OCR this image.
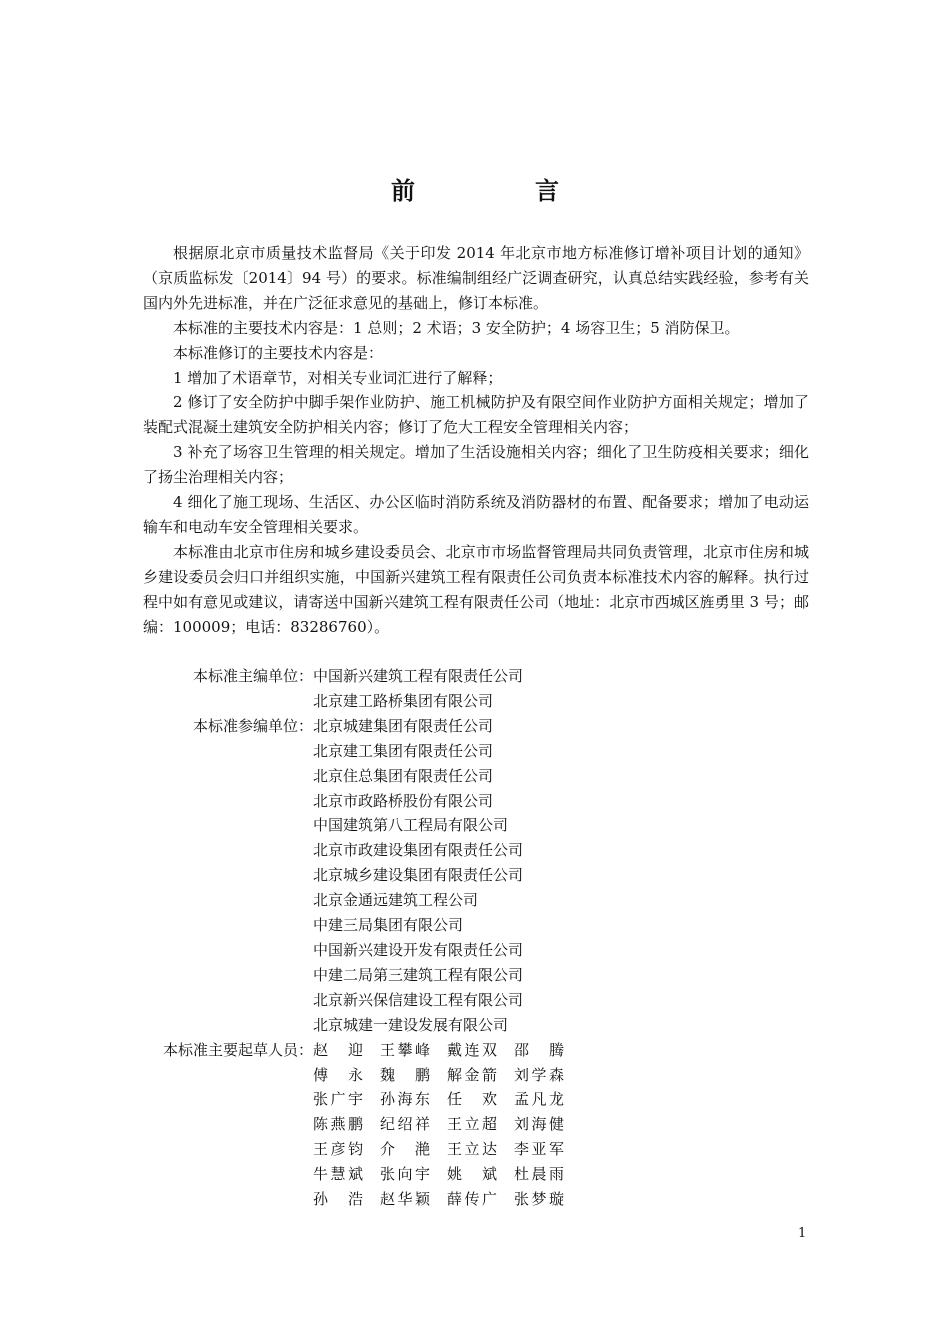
前　言

根据原北京市质量技术监督局《关于印发 2014 年北京市地方标准修订增补项目计划的通知》（京质监标发〔2014〕94 号）的要求。标准编制组经广泛调查研究，认真总结实践经验，参考有关国内外先进标准，并在广泛征求意见的基础上，修订本标准。

本标准的主要技术内容是：1 总则；2 术语；3 安全防护；4 场容卫生；5 消防保卫。

本标准修订的主要技术内容是：

1 增加了术语章节，对相关专业词汇进行了解释；

2 修订了安全防护中脚手架作业防护、施工机械防护及有限空间作业防护方面相关规定；增加了装配式混凝土建筑安全防护相关内容；修订了危大工程安全管理相关内容；

3 补充了场容卫生管理的相关规定。增加了生活设施相关内容；细化了卫生防疫相关要求；细化了扬尘治理相关内容；

4 细化了施工现场、生活区、办公区临时消防系统及消防器材的布置、配备要求；增加了电动运输车和电动车安全管理相关要求。

本标准由北京市住房和城乡建设委员会、北京市市场监督管理局共同负责管理，北京市住房和城乡建设委员会归口并组织实施，中国新兴建筑工程有限责任公司负责本标准技术内容的解释。执行过程中如有意见或建议，请寄送中国新兴建筑工程有限责任公司（地址：北京市西城区旌勇里 3 号；邮编：100009；电话：83286760）。

本标准主编单位： 中国新兴建筑工程有限责任公司
北京建工路桥集团有限公司
本标准参编单位： 北京城建集团有限责任公司
北京建工集团有限责任公司
北京住总集团有限责任公司
北京市政路桥股份有限公司
中国建筑第八工程局有限公司
北京市政建设集团有限责任公司
北京城乡建设集团有限责任公司
北京金通远建筑工程公司
中建三局集团有限公司
中国新兴建设开发有限责任公司
中建二局第三建筑工程有限公司
北京新兴保信建设工程有限公司
北京城建一建设发展有限公司
本标准主要起草人员： 赵迎 王攀峰 戴连双 邵腾
傅永 魏鹏 解金箭 刘学森
张广宇 孙海东 任欢 孟凡龙
陈燕鹏 纪绍祥 王立超 刘海健
王彦钧 介滟 王立达 李亚军
牛慧斌 张向宇 姚斌 杜晨雨
孙浩 赵华颖 薛传广 张梦璇
1
